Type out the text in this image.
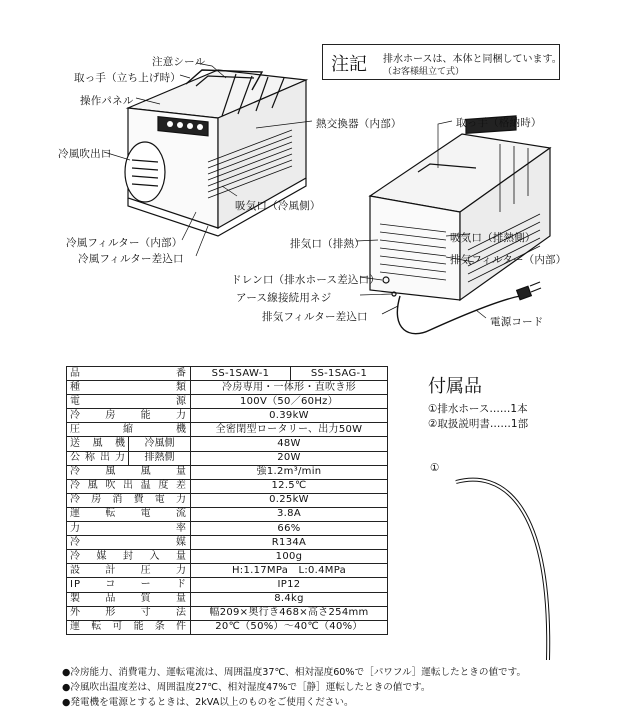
注記 排水ホースは、本体と同梱しています。
（お客様組立て式）
注意シール
取っ手（立ち上げ時）
操作パネル
熱交換器（内部）
冷風吹出口
吸気口（冷風側）
冷風フィルター（内部）
冷風フィルター差込口
取っ手（格納時）
排気口（排熱）	吸気口（排熱側）
排気フィルター（内部）
ドレン口（排水ホース差込口）
アース線接続用ネジ
排気フィルター差込口	電源コード
品　　番		SS-1SAW-1	SS-1SAG-1
種類		冷房専用・一体形・直吹き形	
電源		100V（50／60Hz）	
冷房能力		0.39kW	
圧縮機		全密閉型ロータリー、出力50W	
送風機	冷風側	48W	
公称出力	排熱側	20W	
冷風風量		強1.2m³/min	
冷風吹出温度差		12.5℃	
冷房消費電力		0.25kW	
運転電流		3.8A	
力率		66%	
冷媒		R134A	
冷媒封入量		100g	
設計圧力		H:1.17MPa　L:0.4MPa	
IPコード		IP12	
製品質量		8.4kg	
外形寸法		幅209×奥行き468×高さ254mm	
運転可能条件		20℃（50%）〜40℃（40%）	
付属品
①排水ホース……1本
②取扱説明書……1部
①
●冷房能力、消費電力、運転電流は、周囲温度37℃、相対湿度60%で［パワフル］運転したときの値です。
●冷風吹出温度差は、周囲温度27℃、相対湿度47%で［静］運転したときの値です。
●発電機を電源とするときは、2kVA以上のものをご使用ください。
